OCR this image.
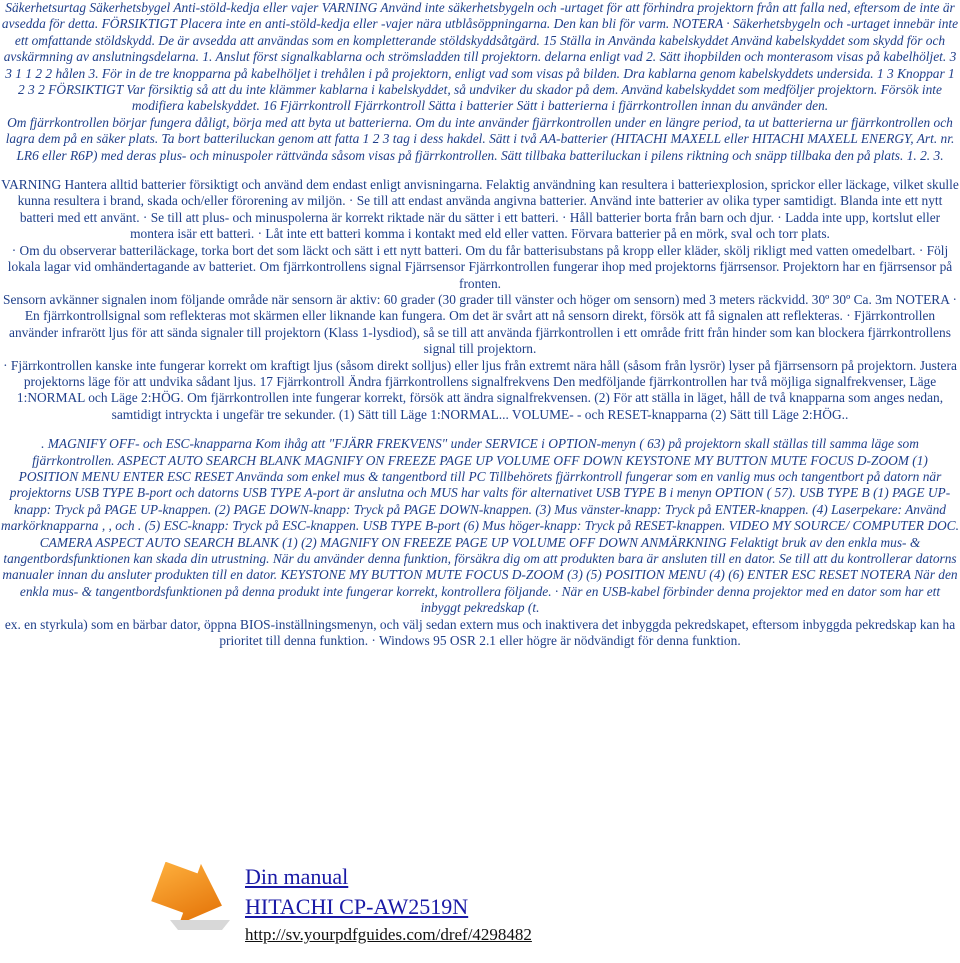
Säkerhetsurtag Säkerhetsbygel Anti-stöld-kedja eller vajer VARNING Använd inte säkerhetsbygeln och -urtaget för att förhindra projektorn från att falla ned, eftersom de inte är avsedda för detta. FÖRSIKTIGT Placera inte en anti-stöld-kedja eller -vajer nära utblåsöppningarna. Den kan bli för varm. NOTERA · Säkerhetsbygeln och -urtaget innebär inte ett omfattande stöldskydd. De är avsedda att användas som en kompletterande stöldskyddsåtgärd. 15 Ställa in Använda kabelskyddet Använd kabelskyddet som skydd för och avskärmning av anslutningsdelarna. 1. Anslut först signalkablarna och strömsladden till projektorn. delarna enligt vad 2. Sätt ihopbilden och monterasom visas på kabelhöljet. 3 3 1 1 2 2 hålen 3. För in de tre knopparna på kabelhöljet i trehålen i på projektorn, enligt vad som visas på bilden. Dra kablarna genom kabelskyddets undersida. 1 3 Knoppar 1 2 3 2 FÖRSIKTIGT Var försiktig så att du inte klämmer kablarna i kabelskyddet, så undviker du skador på dem. Använd kabelskyddet som medföljer projektorn. Försök inte modifiera kabelskyddet. 16 Fjärrkontroll Fjärrkontroll Sätta i batterier Sätt i batterierna i fjärrkontrollen innan du använder den.

Om fjärrkontrollen börjar fungera dåligt, börja med att byta ut batterierna. Om du inte använder fjärrkontrollen under en längre period, ta ut batterierna ur fjärrkontrollen och lagra dem på en säker plats. Ta bort batteriluckan genom att fatta 1 2 3 tag i dess hakdel. Sätt i två AA-batterier (HITACHI MAXELL eller HITACHI MAXELL ENERGY, Art. nr. LR6 eller R6P) med deras plus- och minuspoler rättvända såsom visas på fjärrkontrollen. Sätt tillbaka batteriluckan i pilens riktning och snäpp tillbaka den på plats. 1. 2. 3.

VARNING Hantera alltid batterier försiktigt och använd dem endast enligt anvisningarna. Felaktig användning kan resultera i batteriexplosion, sprickor eller läckage, vilket skulle kunna resultera i brand, skada och/eller förorening av miljön. · Se till att endast använda angivna batterier. Använd inte batterier av olika typer samtidigt. Blanda inte ett nytt batteri med ett använt. · Se till att plus- och minuspolerna är korrekt riktade när du sätter i ett batteri. · Håll batterier borta från barn och djur. · Ladda inte upp, kortslut eller montera isär ett batteri. · Låt inte ett batteri komma i kontakt med eld eller vatten. Förvara batterier på en mörk, sval och torr plats.

· Om du observerar batteriläckage, torka bort det som läckt och sätt i ett nytt batteri. Om du får batterisubstans på kropp eller kläder, skölj rikligt med vatten omedelbart. · Följ lokala lagar vid omhändertagande av batteriet. Om fjärrkontrollens signal Fjärrsensor Fjärrkontrollen fungerar ihop med projektorns fjärrsensor. Projektorn har en fjärrsensor på fronten.

Sensorn avkänner signalen inom följande område när sensorn är aktiv: 60 grader (30 grader till vänster och höger om sensorn) med 3 meters räckvidd. 30º 30º Ca. 3m NOTERA · En fjärrkontrollsignal som reflekteras mot skärmen eller liknande kan fungera. Om det är svårt att nå sensorn direkt, försök att få signalen att reflekteras. · Fjärrkontrollen använder infrarött ljus för att sända signaler till projektorn (Klass 1-lysdiod), så se till att använda fjärrkontrollen i ett område fritt från hinder som kan blockera fjärrkontrollens signal till projektorn.

· Fjärrkontrollen kanske inte fungerar korrekt om kraftigt ljus (såsom direkt solljus) eller ljus från extremt nära håll (såsom från lysrör) lyser på fjärrsensorn på projektorn. Justera projektorns läge för att undvika sådant ljus. 17 Fjärrkontroll Ändra fjärrkontrollens signalfrekvens Den medföljande fjärrkontrollen har två möjliga signalfrekvenser, Läge 1:NORMAL och Läge 2:HÖG. Om fjärrkontrollen inte fungerar korrekt, försök att ändra signalfrekvensen. (2) För att ställa in läget, håll de två knapparna som anges nedan, samtidigt intryckta i ungefär tre sekunder. (1) Sätt till Läge 1:NORMAL... VOLUME- - och RESET-knapparna (2) Sätt till Läge 2:HÖG..

. MAGNIFY OFF- och ESC-knapparna Kom ihåg att "FJÄRR FREKVENS" under SERVICE i OPTION-menyn ( 63) på projektorn skall ställas till samma läge som fjärrkontrollen. ASPECT AUTO SEARCH BLANK MAGNIFY ON FREEZE PAGE UP VOLUME OFF DOWN KEYSTONE MY BUTTON MUTE FOCUS D-ZOOM (1) POSITION MENU ENTER ESC RESET Använda som enkel mus & tangentbord till PC Tillbehörets fjärrkontroll fungerar som en vanlig mus och tangentbort på datorn när projektorns USB TYPE B-port och datorns USB TYPE A-port är anslutna och MUS har valts för alternativet USB TYPE B i menyn OPTION ( 57). USB TYPE B (1) PAGE UP-knapp: Tryck på PAGE UP-knappen. (2) PAGE DOWN-knapp: Tryck på PAGE DOWN-knappen. (3) Mus vänster-knapp: Tryck på ENTER-knappen. (4) Laserpekare: Använd markörknapparna , , och . (5) ESC-knapp: Tryck på ESC-knappen. USB TYPE B-port (6) Mus höger-knapp: Tryck på RESET-knappen. VIDEO MY SOURCE/ COMPUTER DOC. CAMERA ASPECT AUTO SEARCH BLANK (1) (2) MAGNIFY ON FREEZE PAGE UP VOLUME OFF DOWN ANMÄRKNING Felaktigt bruk av den enkla mus- & tangentbordsfunktionen kan skada din utrustning. När du använder denna funktion, försäkra dig om att produkten bara är ansluten till en dator. Se till att du kontrollerar datorns manualer innan du ansluter produkten till en dator. KEYSTONE MY BUTTON MUTE FOCUS D-ZOOM (3) (5) POSITION MENU (4) (6) ENTER ESC RESET NOTERA När den enkla mus- & tangentbordsfunktionen på denna produkt inte fungerar korrekt, kontrollera följande. · När en USB-kabel förbinder denna projektor med en dator som har ett inbyggt pekredskap (t.

ex. en styrkula) som en bärbar dator, öppna BIOS-inställningsmenyn, och välj sedan extern mus och inaktivera det inbyggda pekredskapet, eftersom inbyggda pekredskap kan ha prioritet till denna funktion. · Windows 95 OSR 2.1 eller högre är nödvändigt för denna funktion.

Din manual
HITACHI CP-AW2519N
http://sv.yourpdfguides.com/dref/4298482
